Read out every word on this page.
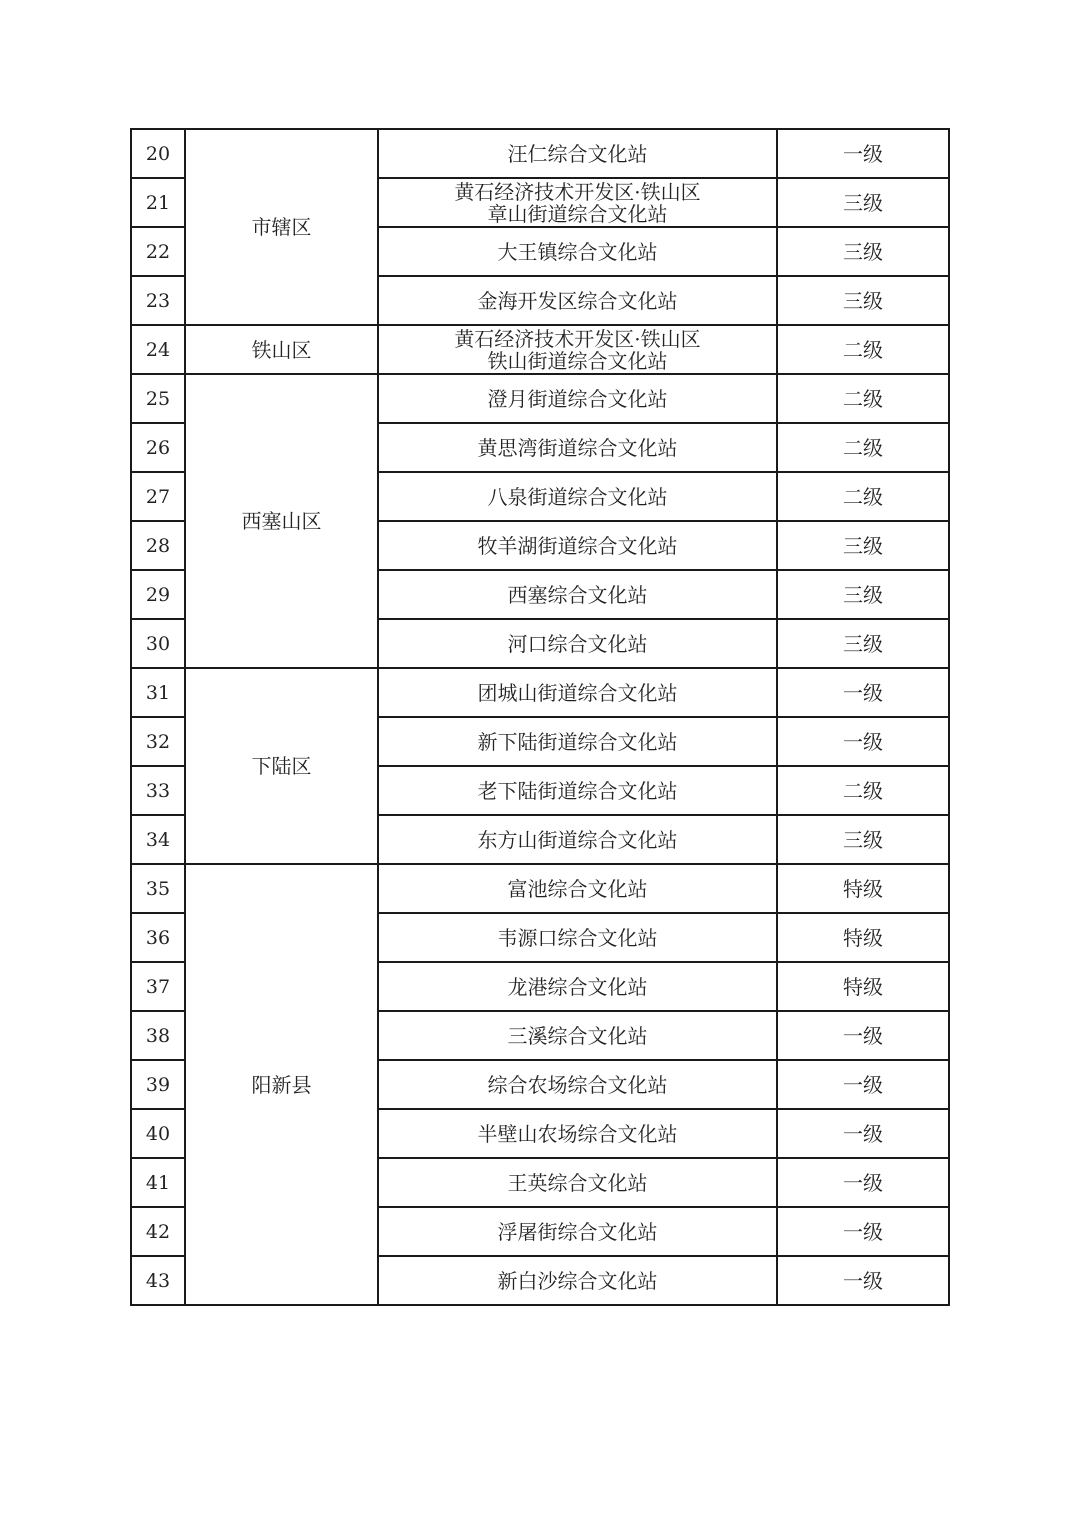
20	市辖区	汪仁综合文化站	一级
21		黄石经济技术开发区·铁山区
章山街道综合文化站	三级
22		大王镇综合文化站	三级
23		金海开发区综合文化站	三级
24	铁山区	黄石经济技术开发区·铁山区
铁山街道综合文化站	二级
25	西塞山区	澄月街道综合文化站	二级
26		黄思湾街道综合文化站	二级
27		八泉街道综合文化站	二级
28		牧羊湖街道综合文化站	三级
29		西塞综合文化站	三级
30		河口综合文化站	三级
31	下陆区	团城山街道综合文化站	一级
32		新下陆街道综合文化站	一级
33		老下陆街道综合文化站	二级
34		东方山街道综合文化站	三级
35	阳新县	富池综合文化站	特级
36		韦源口综合文化站	特级
37		龙港综合文化站	特级
38		三溪综合文化站	一级
39		综合农场综合文化站	一级
40		半壁山农场综合文化站	一级
41		王英综合文化站	一级
42		浮屠街综合文化站	一级
43		新白沙综合文化站	一级
